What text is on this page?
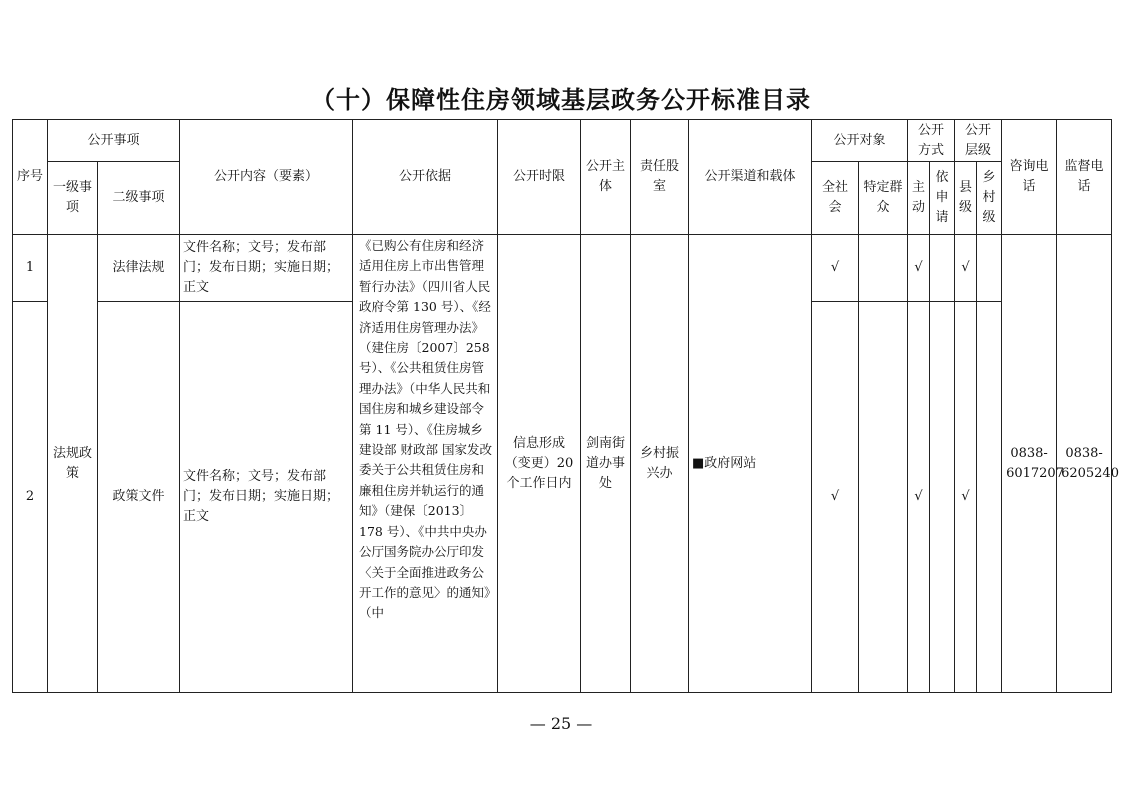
（十）保障性住房领域基层政务公开标准目录
序号	公开事项		公开内容（要素）	公开依据	公开时限	公开主体	责任股室	公开渠道和载体	公开对象		公开方式		公开层级		咨询电话	监督电话
	一级事项	二级事项							全社会	特定群众	主动	依申请	县级	乡村级		
1	法规政策	法律法规	文件名称；文号；发布部门；发布日期；实施日期；正文	《已购公有住房和经济适用住房上市出售管理暂行办法》（四川省人民政府令第 130 号）、《经济适用住房管理办法》（建住房〔2007〕258 号）、《公共租赁住房管理办法》（中华人民共和国住房和城乡建设部令第 11 号）、《住房城乡建设部 财政部 国家发改委关于公共租赁住房和廉租住房并轨运行的通知》（建保〔2013〕178 号）、《中共中央办公厅国务院办公厅印发〈关于全面推进政务公开工作的意见〉的通知》（中	信息形成（变更）20 个工作日内	剑南街道办事处	乡村振兴办	■政府网站	√		√		√		0838-6017207	0838-6205240
2		政策文件	文件名称；文号；发布部门；发布日期；实施日期；正文						√		√		√			
— 25 —
